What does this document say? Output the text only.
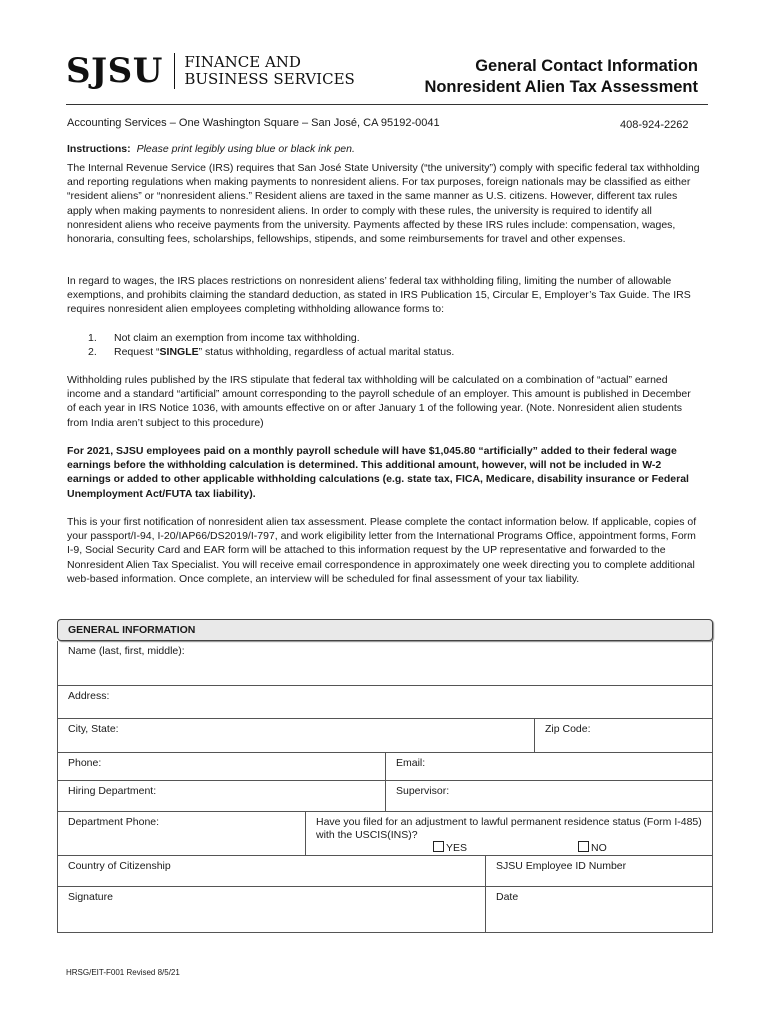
SJSU FINANCE AND
BUSINESS SERVICES
General Contact Information
Nonresident Alien Tax Assessment
Accounting Services – One Washington Square – San José, CA 95192-0041	408-924-2262
Instructions: Please print legibly using blue or black ink pen.
The Internal Revenue Service (IRS) requires that San José State University (“the university”) comply with specific federal tax withholding and reporting regulations when making payments to nonresident aliens. For tax purposes, foreign nationals may be classified as either “resident aliens” or “nonresident aliens.” Resident aliens are taxed in the same manner as U.S. citizens. However, different tax rules apply when making payments to nonresident aliens. In order to comply with these rules, the university is required to identify all nonresident aliens who receive payments from the university. Payments affected by these IRS rules include: compensation, wages, honoraria, consulting fees, scholarships, fellowships, stipends, and some reimbursements for travel and other expenses.
In regard to wages, the IRS places restrictions on nonresident aliens’ federal tax withholding filing, limiting the number of allowable exemptions, and prohibits claiming the standard deduction, as stated in IRS Publication 15, Circular E, Employer’s Tax Guide. The IRS requires nonresident alien employees completing withholding allowance forms to:
1.	Not claim an exemption from income tax withholding.
2.	Request “SINGLE” status withholding, regardless of actual marital status.
Withholding rules published by the IRS stipulate that federal tax withholding will be calculated on a combination of “actual” earned income and a standard “artificial” amount corresponding to the payroll schedule of an employer. This amount is published in December of each year in IRS Notice 1036, with amounts effective on or after January 1 of the following year. (Note. Nonresident alien students from India aren’t subject to this procedure)
For 2021, SJSU employees paid on a monthly payroll schedule will have $1,045.80 “artificially” added to their federal wage earnings before the withholding calculation is determined. This additional amount, however, will not be included in W-2 earnings or added to other applicable withholding calculations (e.g. state tax, FICA, Medicare, disability insurance or Federal Unemployment Act/FUTA tax liability).
This is your first notification of nonresident alien tax assessment. Please complete the contact information below. If applicable, copies of your passport/I-94, I-20/IAP66/DS2019/I-797, and work eligibility letter from the International Programs Office, appointment forms, Form I-9, Social Security Card and EAR form will be attached to this information request by the UP representative and forwarded to the Nonresident Alien Tax Specialist. You will receive email correspondence in approximately one week directing you to complete additional web-based information. Once complete, an interview will be scheduled for final assessment of your tax liability.
GENERAL INFORMATION
Name (last, first, middle):
Address:
City, State:	Zip Code:
Phone:	Email:
Hiring Department:	Supervisor:
Department Phone:	Have you filed for an adjustment to lawful permanent residence status (Form I-485) with the USCIS(INS)?
YES	NO
Country of Citizenship	SJSU Employee ID Number
Signature	Date
HRSG/EIT-F001 Revised 8/5/21
